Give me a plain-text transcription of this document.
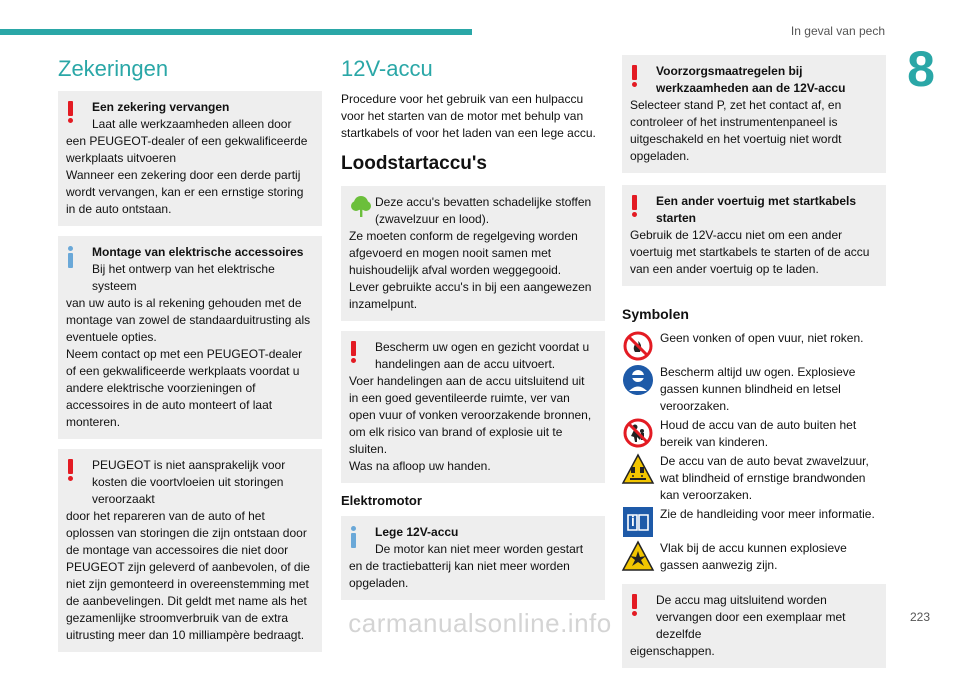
In geval van pech
8
Zekeringen
Een zekering vervangen
Laat alle werkzaamheden alleen door
een PEUGEOT-dealer of een gekwalificeerde werkplaats uitvoeren
Wanneer een zekering door een derde partij wordt vervangen, kan er een ernstige storing in de auto ontstaan.
Montage van elektrische accessoires
Bij het ontwerp van het elektrische systeem
van uw auto is al rekening gehouden met de montage van zowel de standaarduitrusting als eventuele opties.
Neem contact op met een PEUGEOT-dealer of een gekwalificeerde werkplaats voordat u andere elektrische voorzieningen of accessoires in de auto monteert of laat monteren.
PEUGEOT is niet aansprakelijk voor kosten die voortvloeien uit storingen veroorzaakt
door het repareren van de auto of het oplossen van storingen die zijn ontstaan door de montage van accessoires die niet door PEUGEOT zijn geleverd of aanbevolen, of die niet zijn gemonteerd in overeenstemming met de aanbevelingen. Dit geldt met name als het gezamenlijke stroomverbruik van de extra uitrusting meer dan 10 milliampère bedraagt.
12V-accu

Procedure voor het gebruik van een hulpaccu voor het starten van de motor met behulp van startkabels of voor het laden van een lege accu.

Loodstartaccu's
Deze accu's bevatten schadelijke stoffen (zwavelzuur en lood).
Ze moeten conform de regelgeving worden afgevoerd en mogen nooit samen met huishoudelijk afval worden weggegooid.
Lever gebruikte accu's in bij een aangewezen inzamelpunt.
Bescherm uw ogen en gezicht voordat u handelingen aan de accu uitvoert.
Voer handelingen aan de accu uitsluitend uit in een goed geventileerde ruimte, ver van open vuur of vonken veroorzakende bronnen, om elk risico van brand of explosie uit te sluiten.
Was na afloop uw handen.
Elektromotor
Lege 12V-accu
De motor kan niet meer worden gestart
en de tractiebatterij kan niet meer worden opgeladen.
Voorzorgsmaatregelen bij werkzaamheden aan de 12V-accu
Selecteer stand P, zet het contact af, en controleer of het instrumentenpaneel is uitgeschakeld en het voertuig niet wordt opgeladen.
Een ander voertuig met startkabels starten
Gebruik de 12V-accu niet om een ander voertuig met startkabels te starten of de accu van een ander voertuig op te laden.
Symbolen
Geen vonken of open vuur, niet roken.
Bescherm altijd uw ogen. Explosieve gassen kunnen blindheid en letsel veroorzaken.
Houd de accu van de auto buiten het bereik van kinderen.
De accu van de auto bevat zwavelzuur, wat blindheid of ernstige brandwonden kan veroorzaken.
Zie de handleiding voor meer informatie.
Vlak bij de accu kunnen explosieve gassen aanwezig zijn.
De accu mag uitsluitend worden vervangen door een exemplaar met dezelfde
eigenschappen.
carmanualsonline.info	223
